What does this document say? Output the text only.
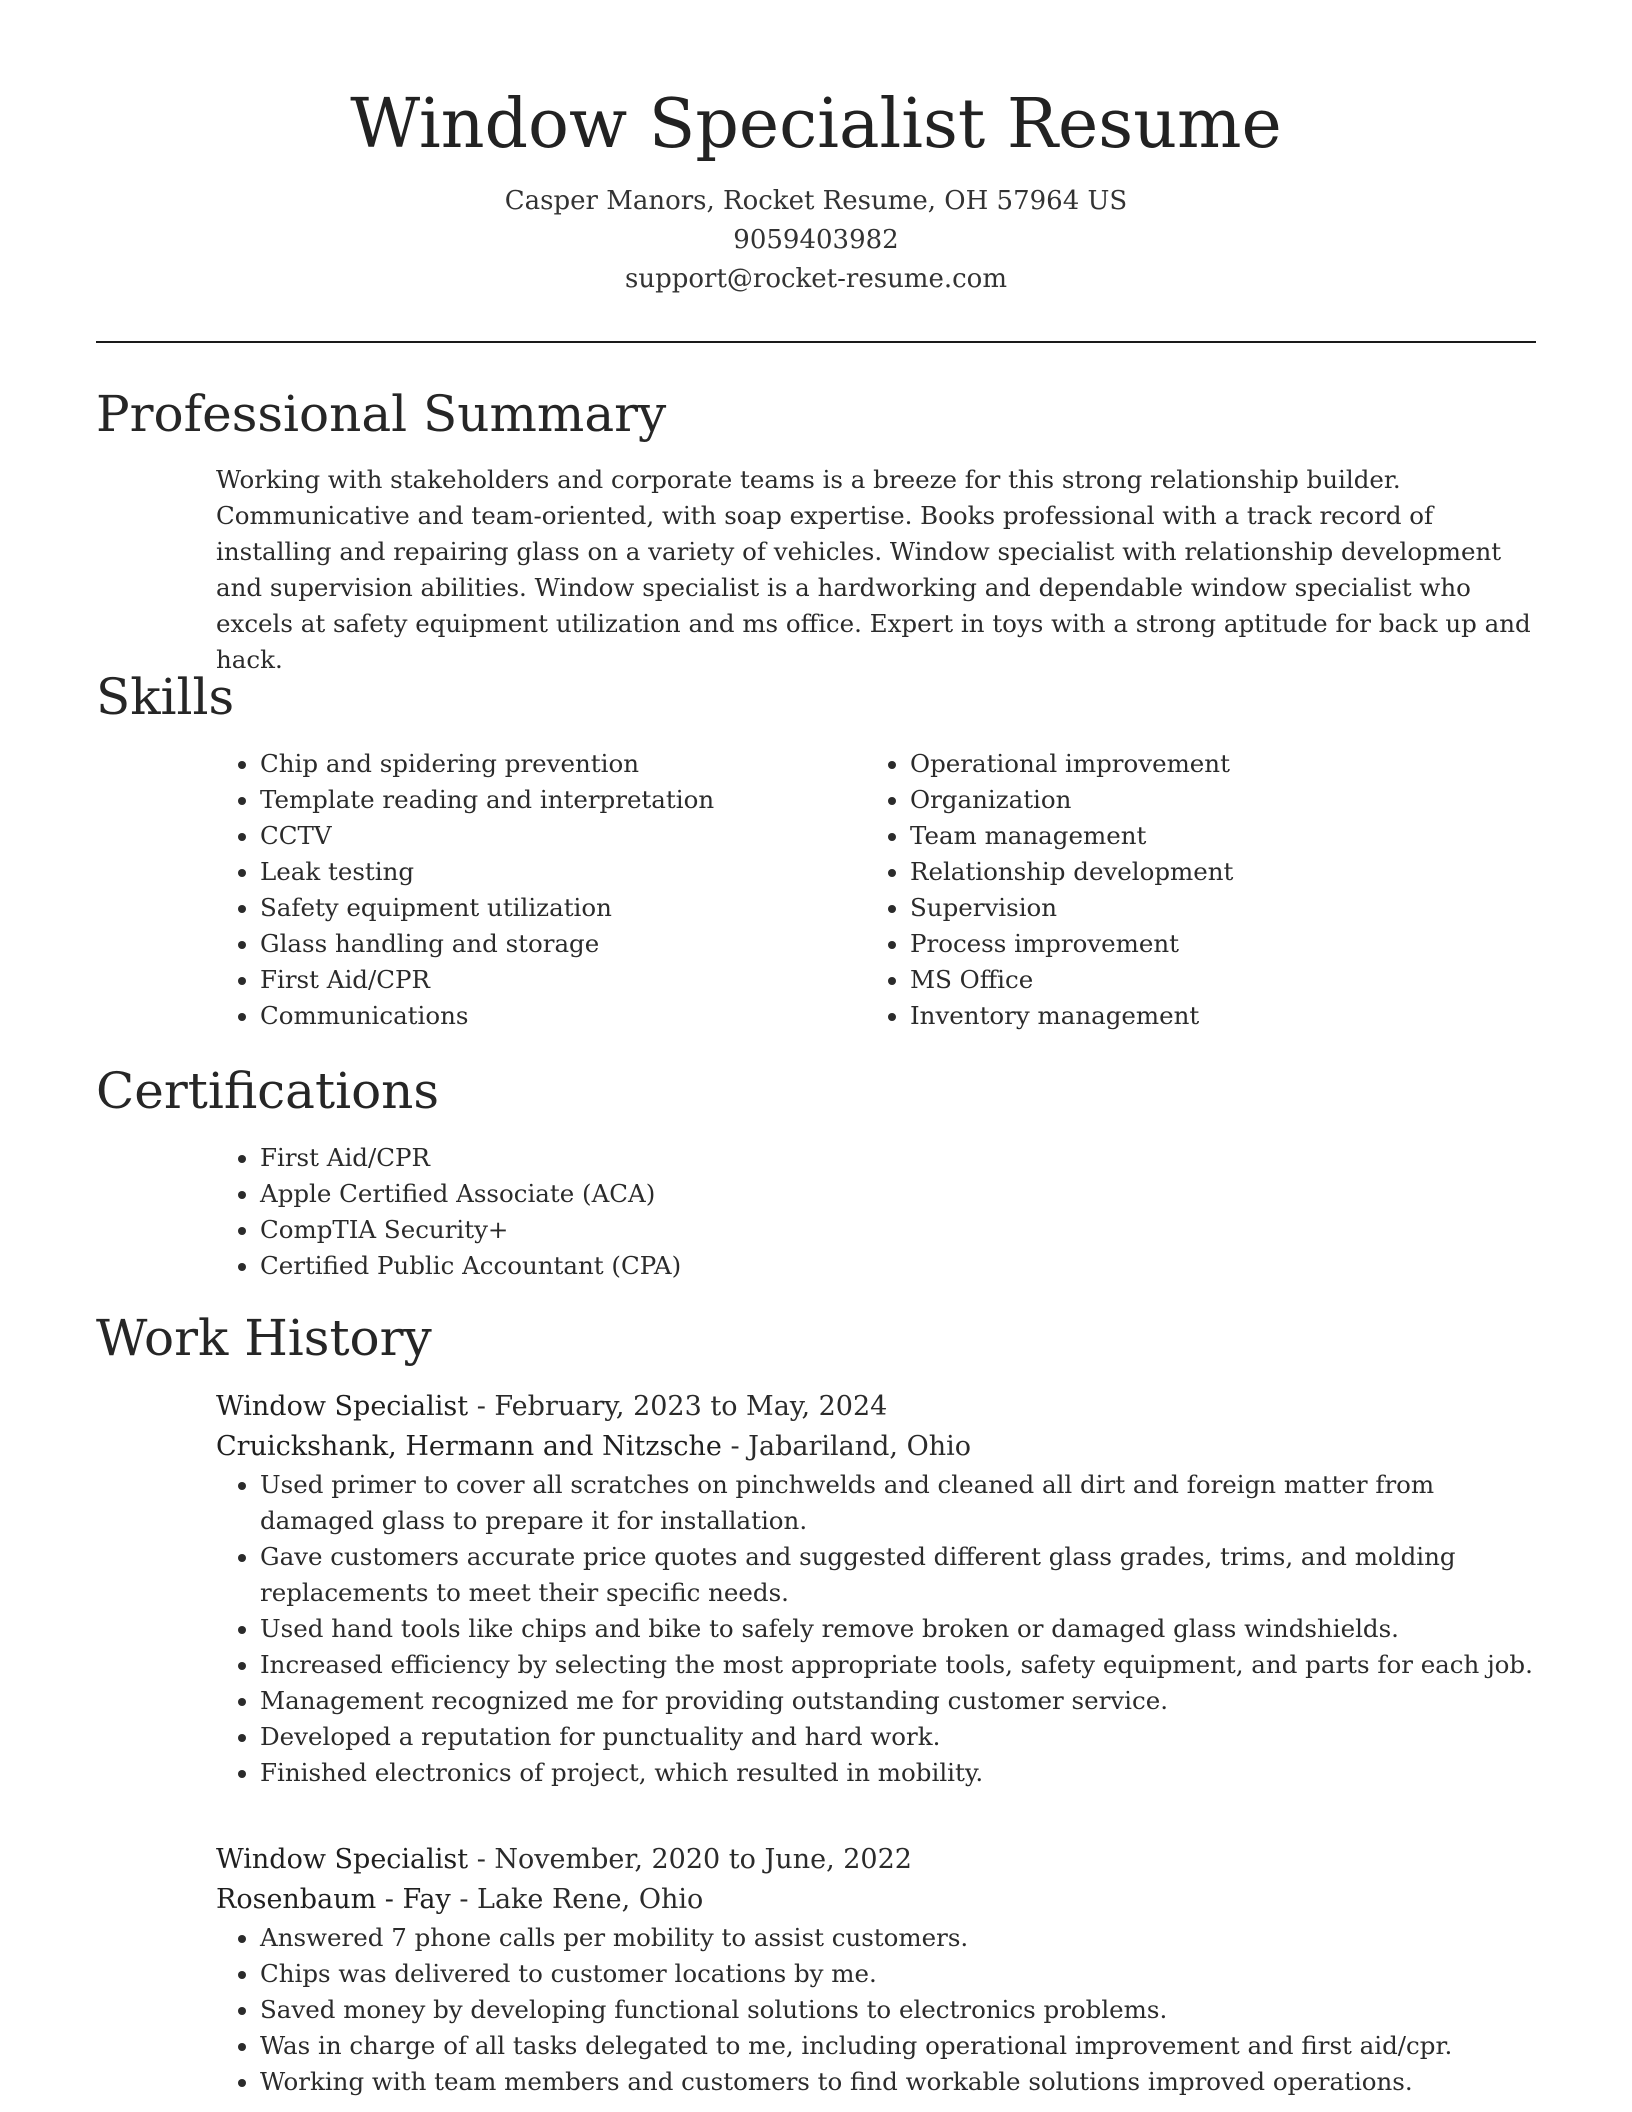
Window Specialist Resume
Casper Manors, Rocket Resume, OH 57964 US
9059403982
support@rocket-resume.com
Professional Summary

Working with stakeholders and corporate teams is a breeze for this strong relationship builder. Communicative and team-oriented, with soap expertise. Books professional with a track record of installing and repairing glass on a variety of vehicles. Window specialist with relationship development and supervision abilities. Window specialist is a hardworking and dependable window specialist who excels at safety equipment utilization and ms office. Expert in toys with a strong aptitude for back up and hack.

Skills
• Chip and spidering prevention
• Template reading and interpretation
• CCTV
• Leak testing
• Safety equipment utilization
• Glass handling and storage
• First Aid/CPR
• Communications
• Operational improvement
• Organization
• Team management
• Relationship development
• Supervision
• Process improvement
• MS Office
• Inventory management
Certifications
• First Aid/CPR
• Apple Certified Associate (ACA)
• CompTIA Security+
• Certified Public Accountant (CPA)
Work History
Window Specialist - February, 2023 to May, 2024
Cruickshank, Hermann and Nitzsche - Jabariland, Ohio
• Used primer to cover all scratches on pinchwelds and cleaned all dirt and foreign matter from damaged glass to prepare it for installation.
• Gave customers accurate price quotes and suggested different glass grades, trims, and molding replacements to meet their specific needs.
• Used hand tools like chips and bike to safely remove broken or damaged glass windshields.
• Increased efficiency by selecting the most appropriate tools, safety equipment, and parts for each job.
• Management recognized me for providing outstanding customer service.
• Developed a reputation for punctuality and hard work.
• Finished electronics of project, which resulted in mobility.
Window Specialist - November, 2020 to June, 2022
Rosenbaum - Fay - Lake Rene, Ohio
• Answered 7 phone calls per mobility to assist customers.
• Chips was delivered to customer locations by me.
• Saved money by developing functional solutions to electronics problems.
• Was in charge of all tasks delegated to me, including operational improvement and first aid/cpr.
• Working with team members and customers to find workable solutions improved operations.
